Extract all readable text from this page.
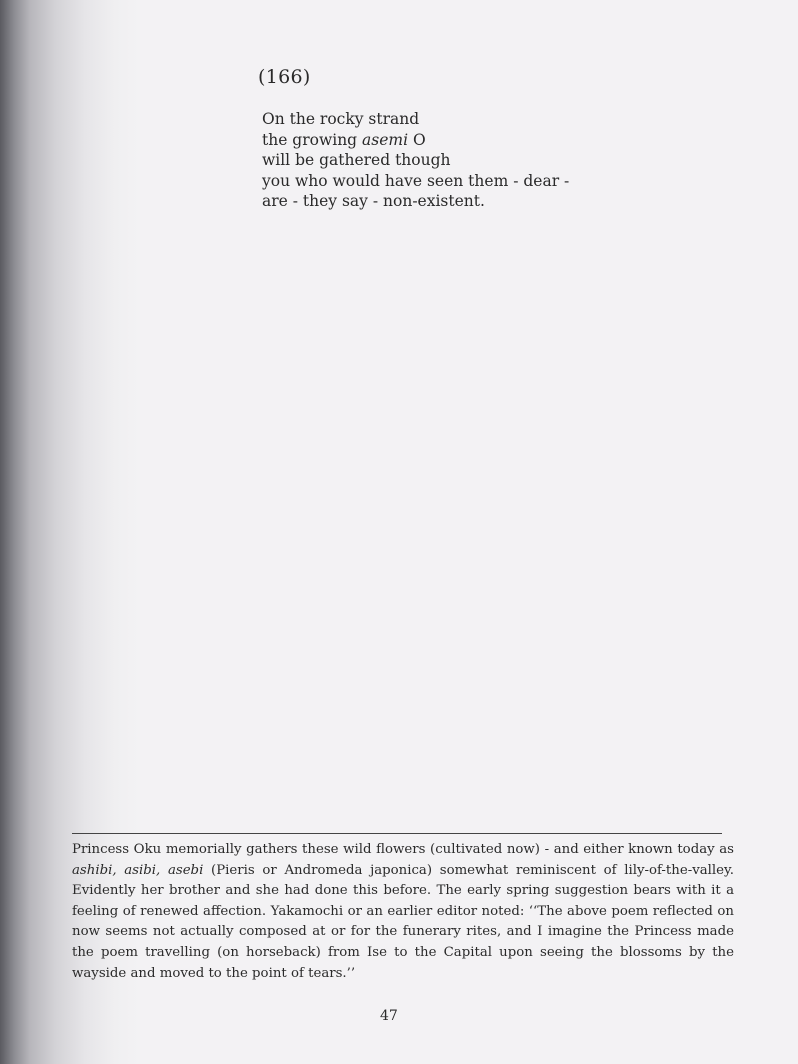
(166)
On the rocky strand
the growing asemi O
will be gathered though
you who would have seen them - dear -
are - they say - non-existent.

Princess Oku memorially gathers these wild flowers (cultivated now) - and either known today as ashibi, asibi, asebi (Pieris or Andromeda japonica) somewhat reminiscent of lily-of-the-valley. Evidently her brother and she had done this before. The early spring suggestion bears with it a feeling of renewed affection. Yakamochi or an earlier editor noted: ‘‘The above poem reflected on now seems not actually composed at or for the funerary rites, and I imagine the Princess made the poem travelling (on horseback) from Ise to the Capital upon seeing the blossoms by the wayside and moved to the point of tears.’’

47
